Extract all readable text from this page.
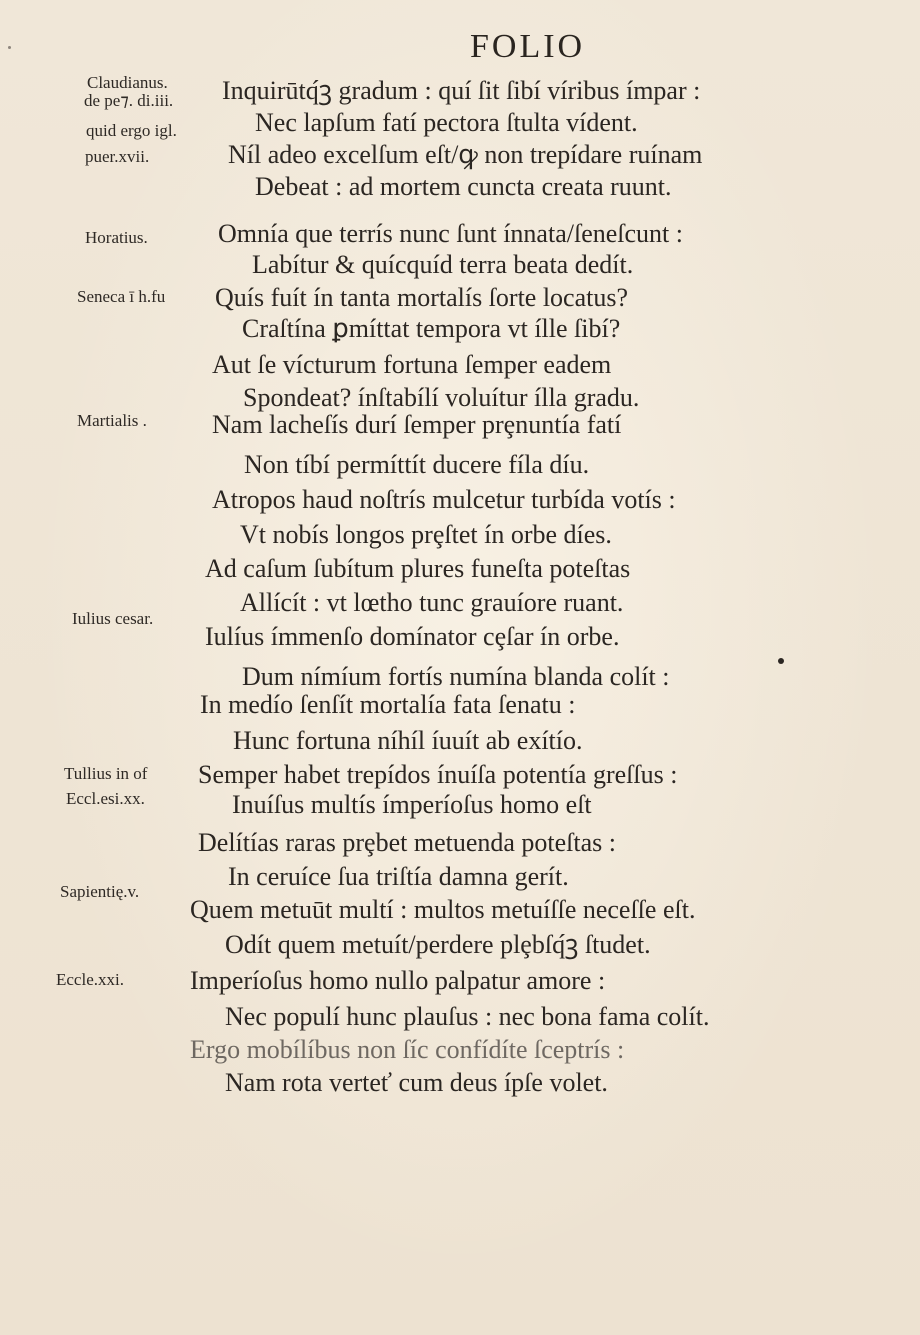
FOLIO
Claudianus.
de pe⁊. di.iii.
quid ergo igl.
puer.xvii.
Horatius.
Seneca ī h.fu
Martialis .
Iulius cesar.
Tullius in of
Eccl.esi.xx.
Sapientię.v.
Eccle.xxi.
Inquirūtq́ꝫ gradum : quí ſit ſibí víribus ímpar :
Nec lapſum fatí pectora ſtulta vídent.
Níl adeo excelſum eſt/ꝙ non trepídare ruínam
Debeat : ad mortem cuncta creata ruunt.
Omnía que terrís nunc ſunt ínnata/ſeneſcunt :
Labítur & quícquíd terra beata dedít.
Quís fuít ín tanta mortalís ſorte locatus?
Craſtína ꝑmíttat tempora vt ílle ſibí?
Aut ſe vícturum fortuna ſemper eadem
Spondeat? ínſtabílí voluítur ílla gradu.
Nam lacheſís durí ſemper prȩnuntía fatí
Non tíbí permíttít ducere fíla díu.
Atropos haud noſtrís mulcetur turbída votís :
Vt nobís longos prȩſtet ín orbe díes.
Ad caſum ſubítum plures funeſta poteſtas
Allícít : vt lœtho tunc grauíore ruant.
Iulíus ímmenſo domínator cȩſar ín orbe.
Dum nímíum fortís numína blanda colít :
In medío ſenſít mortalía fata ſenatu :
Hunc fortuna níhíl íuuít ab exítío.
Semper habet trepídos ínuíſa potentía greſſus :
Inuíſus multís ímperíoſus homo eſt
Delítías raras prȩbet metuenda poteſtas :
In ceruíce ſua triſtía damna gerít.
Quem metuūt multí : multos metuíſſe neceſſe eſt.
Odít quem metuít/perdere plȩbſq́ꝫ ſtudet.
Imperíoſus homo nullo palpatur amore :
Nec populí hunc plauſus : nec bona fama colít.
Ergo mobílíbus non ſíc confídíte ſceptrís :
Nam rota verteť cum deus ípſe volet.
